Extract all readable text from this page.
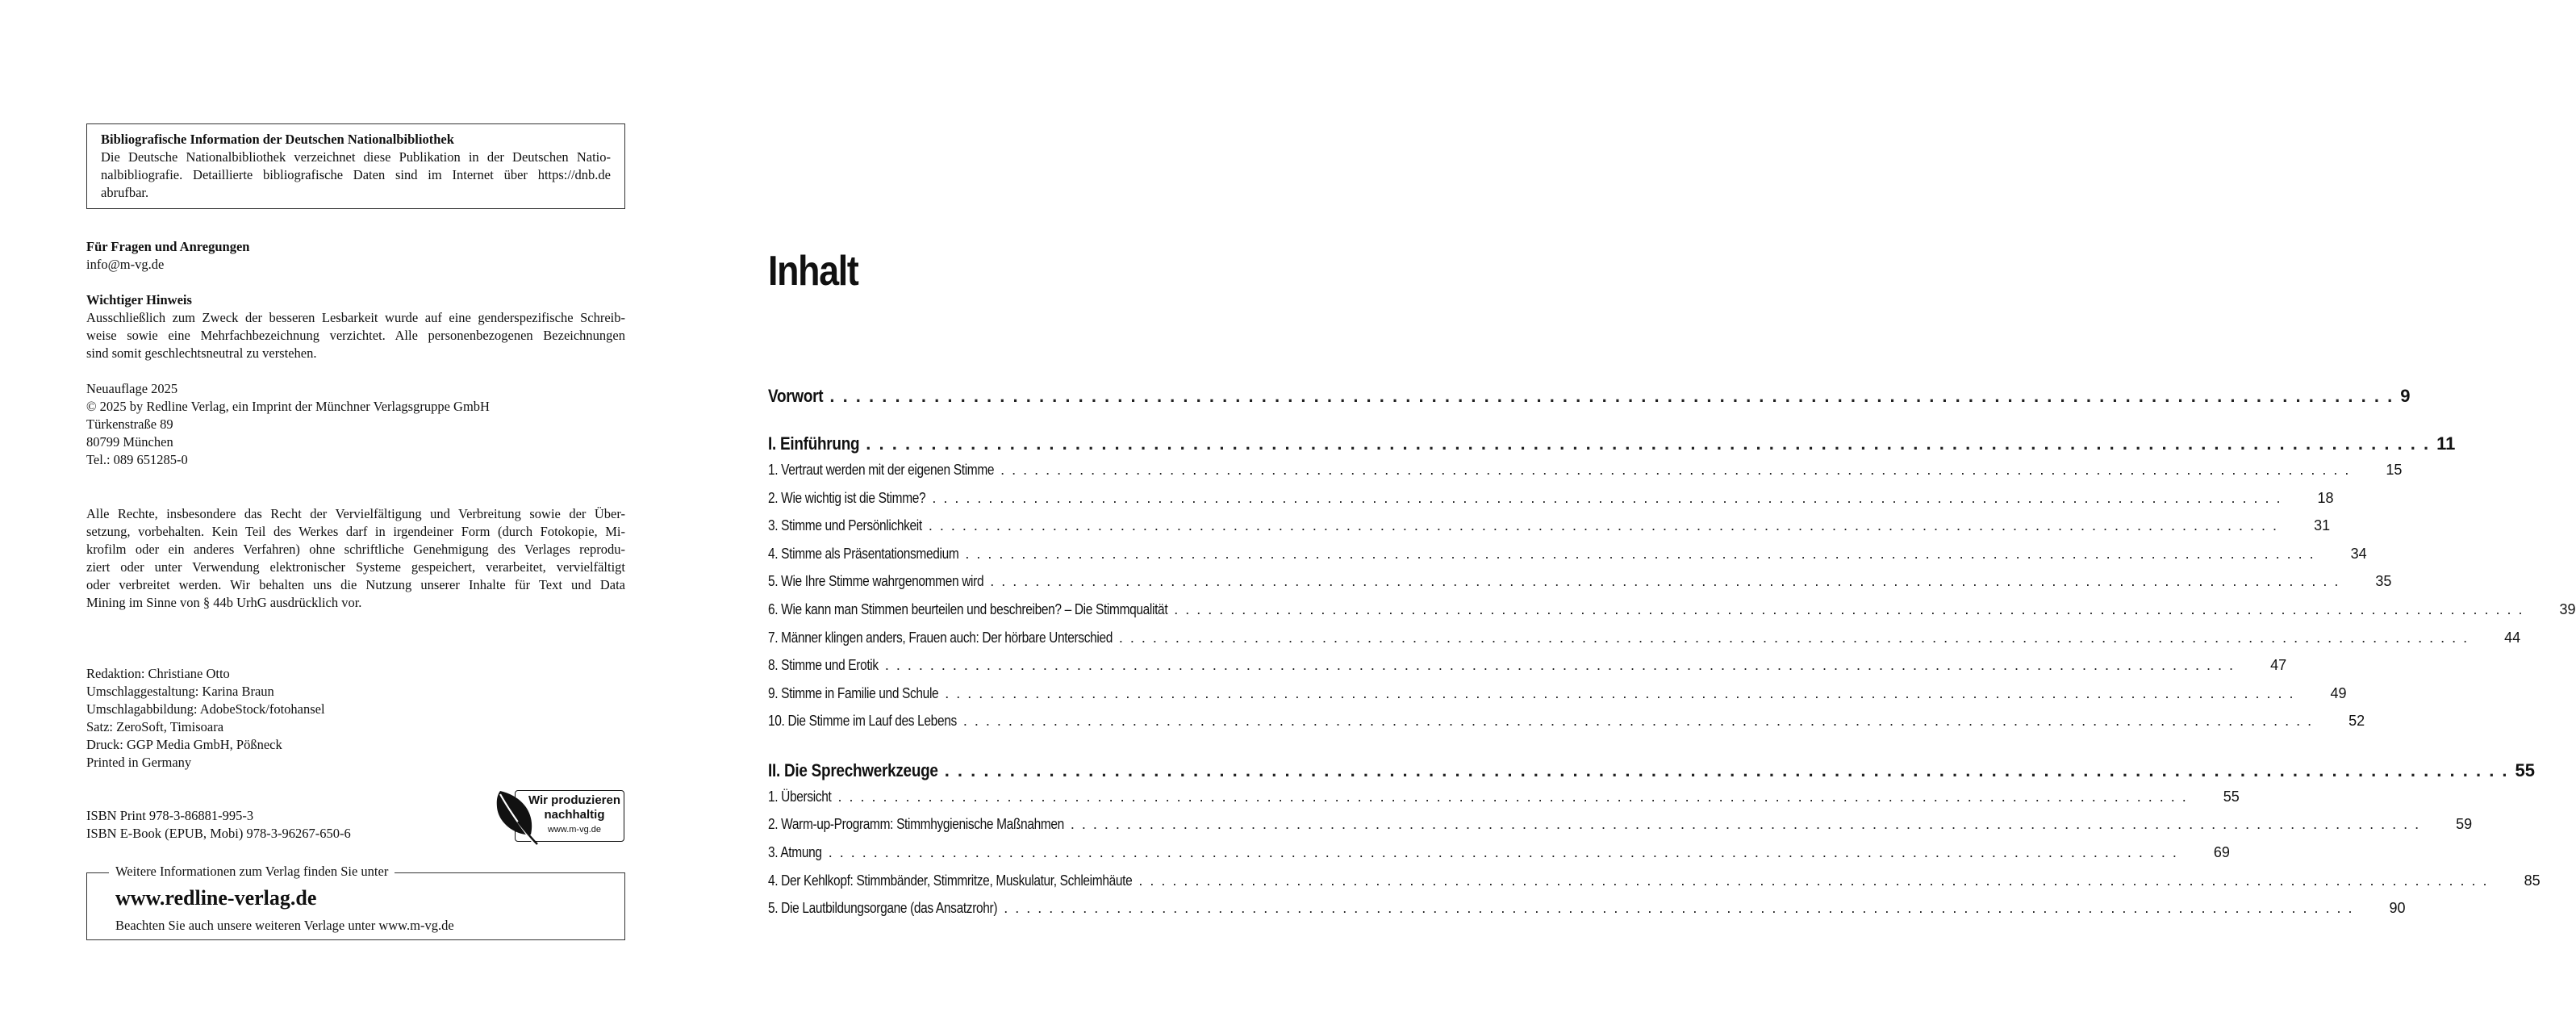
Bibliografische Information der Deutschen Nationalbibliothek
Die Deutsche Nationalbibliothek verzeichnet diese Publikation in der Deutschen Natio-
nalbibliografie. Detaillierte bibliografische Daten sind im Internet über https://dnb.de
abrufbar.
Für Fragen und Anregungen
info@m-vg.de
Wichtiger Hinweis
Ausschließlich zum Zweck der besseren Lesbarkeit wurde auf eine genderspezifische Schreib-
weise sowie eine Mehrfachbezeichnung verzichtet. Alle personenbezogenen Bezeichnungen
sind somit geschlechtsneutral zu verstehen.
Neuauflage 2025
© 2025 by Redline Verlag, ein Imprint der Münchner Verlagsgruppe GmbH
Türkenstraße 89
80799 München
Tel.: 089 651285-0
Alle Rechte, insbesondere das Recht der Vervielfältigung und Verbreitung sowie der Über-
setzung, vorbehalten. Kein Teil des Werkes darf in irgendeiner Form (durch Fotokopie, Mi-
krofilm oder ein anderes Verfahren) ohne schriftliche Genehmigung des Verlages reprodu-
ziert oder unter Verwendung elektronischer Systeme gespeichert, verarbeitet, vervielfältigt
oder verbreitet werden. Wir behalten uns die Nutzung unserer Inhalte für Text und Data
Mining im Sinne von § 44b UrhG ausdrücklich vor.
Redaktion: Christiane Otto
Umschlaggestaltung: Karina Braun
Umschlagabbildung: AdobeStock/fotohansel
Satz: ZeroSoft, Timisoara
Druck: GGP Media GmbH, Pößneck
Printed in Germany
ISBN Print 978-3-86881-995-3
ISBN E-Book (EPUB, Mobi) 978-3-96267-650-6
Wir produzieren
nachhaltig
www.m-vg.de
Weitere Informationen zum Verlag finden Sie unter
www.redline-verlag.de
Beachten Sie auch unsere weiteren Verlage unter www.m-vg.de
Inhalt
Vorwort . . . . . . . . . . . . . . . . . . . . . . . . . . . . . . . . . . . . . . . . . . . . . . . . . . . . . . . . . . . . . . . . . . . . . . . . . . . . . . . . . . . . . . . . . . . . . . . . . . . . . . . . . . . . . . . . . . . . . . . . 9
I. Einführung . . . . . . . . . . . . . . . . . . . . . . . . . . . . . . . . . . . . . . . . . . . . . . . . . . . . . . . . . . . . . . . . . . . . . . . . . . . . . . . . . . . . . . . . . . . . . . . . . . . . . . . . . . . . . . . . . . . . . . . . 11
1. Vertraut werden mit der eigenen Stimme . . . . . . . . . . . . . . . . . . . . . . . . . . . . . . . . . . . . . . . . . . . . . . . . . . . . . . . . . . . . . . . . . . . . . . . . . . . . . . . . . . . . . . . . . . . . . . . . . . . . . . . . . . . . . . . . . . . . . . . . 15
2. Wie wichtig ist die Stimme? . . . . . . . . . . . . . . . . . . . . . . . . . . . . . . . . . . . . . . . . . . . . . . . . . . . . . . . . . . . . . . . . . . . . . . . . . . . . . . . . . . . . . . . . . . . . . . . . . . . . . . . . . . . . . . . . . . . . . . . . 18
3. Stimme und Persönlichkeit . . . . . . . . . . . . . . . . . . . . . . . . . . . . . . . . . . . . . . . . . . . . . . . . . . . . . . . . . . . . . . . . . . . . . . . . . . . . . . . . . . . . . . . . . . . . . . . . . . . . . . . . . . . . . . . . . . . . . . . . 31
4. Stimme als Präsentationsmedium . . . . . . . . . . . . . . . . . . . . . . . . . . . . . . . . . . . . . . . . . . . . . . . . . . . . . . . . . . . . . . . . . . . . . . . . . . . . . . . . . . . . . . . . . . . . . . . . . . . . . . . . . . . . . . . . . . . . . . . . 34
5. Wie Ihre Stimme wahrgenommen wird . . . . . . . . . . . . . . . . . . . . . . . . . . . . . . . . . . . . . . . . . . . . . . . . . . . . . . . . . . . . . . . . . . . . . . . . . . . . . . . . . . . . . . . . . . . . . . . . . . . . . . . . . . . . . . . . . . . . . . . . 35
6. Wie kann man Stimmen beurteilen und beschreiben? – Die Stimmqualität . . . . . . . . . . . . . . . . . . . . . . . . . . . . . . . . . . . . . . . . . . . . . . . . . . . . . . . . . . . . . . . . . . . . . . . . . . . . . . . . . . . . . . . . . . . . . . . . . . . . . . . . . . . . . . . . . . . . . . . . 39
7. Männer klingen anders, Frauen auch: Der hörbare Unterschied . . . . . . . . . . . . . . . . . . . . . . . . . . . . . . . . . . . . . . . . . . . . . . . . . . . . . . . . . . . . . . . . . . . . . . . . . . . . . . . . . . . . . . . . . . . . . . . . . . . . . . . . . . . . . . . . . . . . . . . . 44
8. Stimme und Erotik . . . . . . . . . . . . . . . . . . . . . . . . . . . . . . . . . . . . . . . . . . . . . . . . . . . . . . . . . . . . . . . . . . . . . . . . . . . . . . . . . . . . . . . . . . . . . . . . . . . . . . . . . . . . . . . . . . . . . . . . 47
9. Stimme in Familie und Schule . . . . . . . . . . . . . . . . . . . . . . . . . . . . . . . . . . . . . . . . . . . . . . . . . . . . . . . . . . . . . . . . . . . . . . . . . . . . . . . . . . . . . . . . . . . . . . . . . . . . . . . . . . . . . . . . . . . . . . . . 49
10. Die Stimme im Lauf des Lebens . . . . . . . . . . . . . . . . . . . . . . . . . . . . . . . . . . . . . . . . . . . . . . . . . . . . . . . . . . . . . . . . . . . . . . . . . . . . . . . . . . . . . . . . . . . . . . . . . . . . . . . . . . . . . . . . . . . . . . . . 52
II. Die Sprechwerkzeuge . . . . . . . . . . . . . . . . . . . . . . . . . . . . . . . . . . . . . . . . . . . . . . . . . . . . . . . . . . . . . . . . . . . . . . . . . . . . . . . . . . . . . . . . . . . . . . . . . . . . . . . . . . . . . . . . . . . . . . . . 55
1. Übersicht . . . . . . . . . . . . . . . . . . . . . . . . . . . . . . . . . . . . . . . . . . . . . . . . . . . . . . . . . . . . . . . . . . . . . . . . . . . . . . . . . . . . . . . . . . . . . . . . . . . . . . . . . . . . . . . . . . . . . . . . 55
2. Warm-up-Programm: Stimmhygienische Maßnahmen . . . . . . . . . . . . . . . . . . . . . . . . . . . . . . . . . . . . . . . . . . . . . . . . . . . . . . . . . . . . . . . . . . . . . . . . . . . . . . . . . . . . . . . . . . . . . . . . . . . . . . . . . . . . . . . . . . . . . . . . 59
3. Atmung . . . . . . . . . . . . . . . . . . . . . . . . . . . . . . . . . . . . . . . . . . . . . . . . . . . . . . . . . . . . . . . . . . . . . . . . . . . . . . . . . . . . . . . . . . . . . . . . . . . . . . . . . . . . . . . . . . . . . . . . 69
4. Der Kehlkopf: Stimmbänder, Stimmritze, Muskulatur, Schleimhäute . . . . . . . . . . . . . . . . . . . . . . . . . . . . . . . . . . . . . . . . . . . . . . . . . . . . . . . . . . . . . . . . . . . . . . . . . . . . . . . . . . . . . . . . . . . . . . . . . . . . . . . . . . . . . . . . . . . . . . . . 85
5. Die Lautbildungsorgane (das Ansatzrohr) . . . . . . . . . . . . . . . . . . . . . . . . . . . . . . . . . . . . . . . . . . . . . . . . . . . . . . . . . . . . . . . . . . . . . . . . . . . . . . . . . . . . . . . . . . . . . . . . . . . . . . . . . . . . . . . . . . . . . . . . 90
